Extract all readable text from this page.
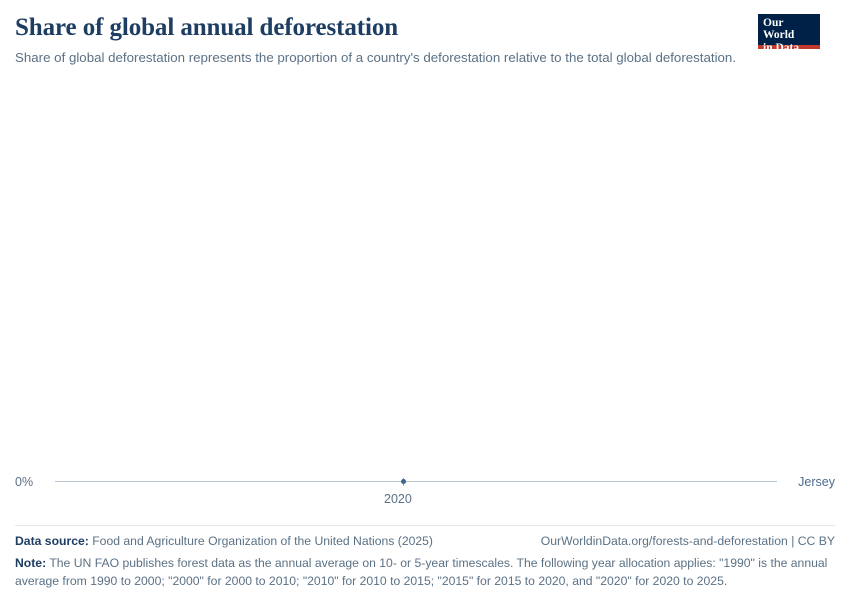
Share of global annual deforestation

Share of global deforestation represents the proportion of a country's deforestation relative to the total global deforestation.

Our World
in Data
0%
2020
Jersey
Data source: Food and Agriculture Organization of the United Nations (2025)	OurWorldinData.org/forests-and-deforestation | CC BY
Note: The UN FAO publishes forest data as the annual average on 10- or 5-year timescales. The following year allocation applies: "1990" is the annual average from 1990 to 2000; "2000" for 2000 to 2010; "2010" for 2010 to 2015; "2015" for 2015 to 2020, and "2020" for 2020 to 2025.
